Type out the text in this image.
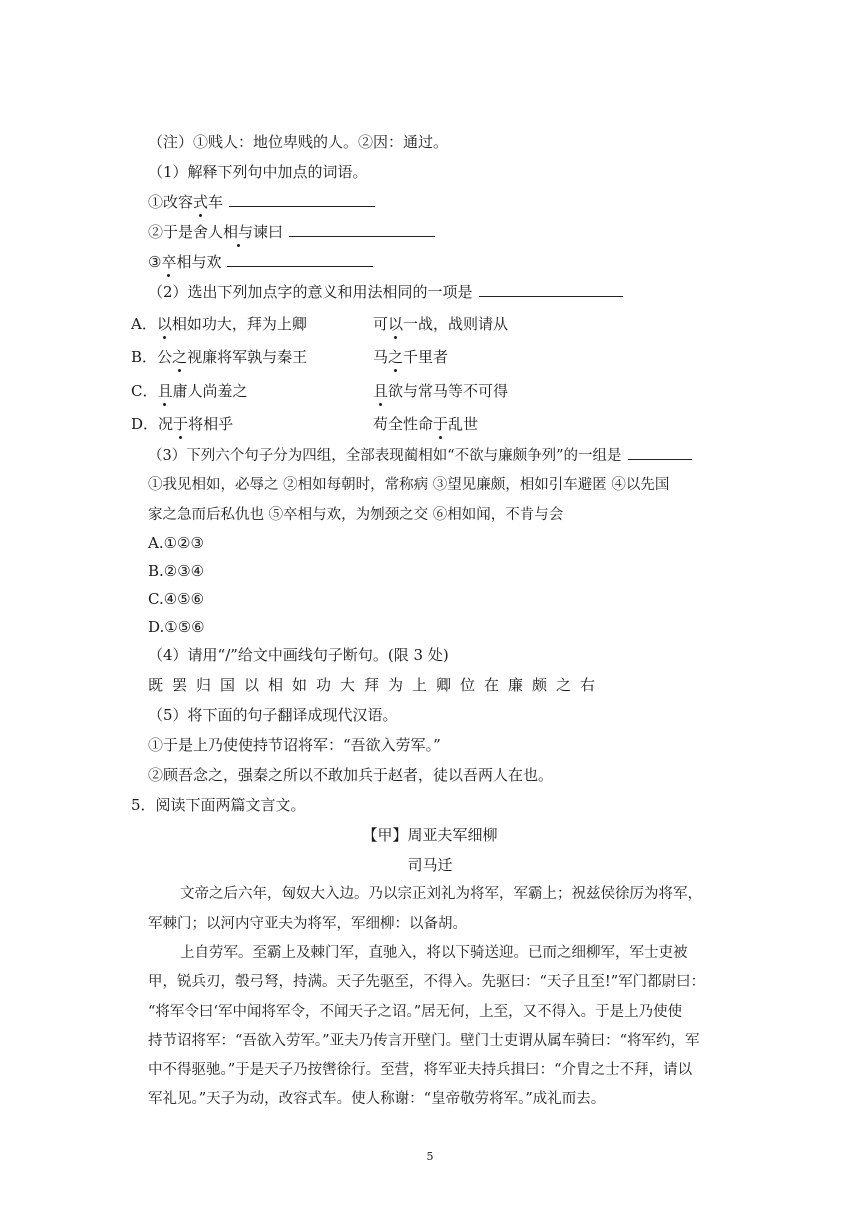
（注）①贱人：地位卑贱的人。②因：通过。
（1）解释下列句中加点的词语。
①改容式车
②于是舍人相与谏曰
③卒相与欢
（2）选出下列加点字的意义和用法相同的一项是
A．以相如功大，拜为上卿	可以一战，战则请从
B．公之视廉将军孰与秦王	马之千里者
C．且庸人尚羞之	且欲与常马等不可得
D．况于将相乎	苟全性命于乱世
（3）下列六个句子分为四组，全部表现蔺相如“不欲与廉颇争列”的一组是
①我见相如，必辱之 ②相如每朝时，常称病 ③望见廉颇，相如引车避匿 ④以先国
家之急而后私仇也 ⑤卒相与欢，为刎颈之交 ⑥相如闻，不肯与会
A.①②③
B.②③④
C.④⑤⑥
D.①⑤⑥
（4）请用“/”给文中画线句子断句。(限 3 处)
既罢归国以相如功大拜为上卿位在廉颇之右
（5）将下面的句子翻译成现代汉语。
①于是上乃使使持节诏将军：“吾欲入劳军。”
②顾吾念之，强秦之所以不敢加兵于赵者，徒以吾两人在也。
5．阅读下面两篇文言文。
【甲】周亚夫军细柳
司马迁
文帝之后六年，匈奴大入边。乃以宗正刘礼为将军，军霸上；祝兹侯徐厉为将军，
军棘门；以河内守亚夫为将军，军细柳：以备胡。
上自劳军。至霸上及棘门军，直驰入，将以下骑送迎。已而之细柳军，军士吏被
甲，锐兵刃，彀弓弩，持满。天子先驱至，不得入。先驱曰：“天子且至!”军门都尉曰：
“将军令曰‘军中闻将军令，不闻天子之诏。”居无何，上至，又不得入。于是上乃使使
持节诏将军：“吾欲入劳军。”亚夫乃传言开壁门。壁门士吏谓从属车骑曰：“将军约，军
中不得驱驰。”于是天子乃按辔徐行。至营，将军亚夫持兵揖曰：“介胄之士不拜，请以
军礼见。”天子为动，改容式车。使人称谢：“皇帝敬劳将军。”成礼而去。
5
